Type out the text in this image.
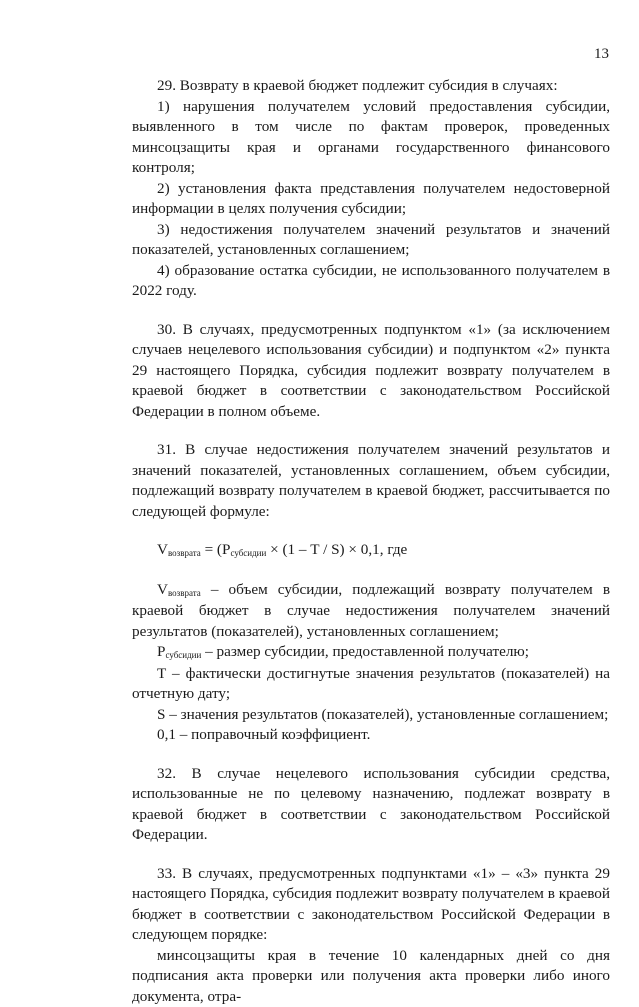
13

29. Возврату в краевой бюджет подлежит субсидия в случаях:

1) нарушения получателем условий предоставления субсидии, выявленного в том числе по фактам проверок, проведенных минсоцзащиты края и органами государственного финансового контроля;

2) установления факта представления получателем недостоверной информации в целях получения субсидии;

3) недостижения получателем значений результатов и значений показателей, установленных соглашением;

4) образование остатка субсидии, не использованного получателем в 2022 году.

30. В случаях, предусмотренных подпунктом «1» (за исключением случаев нецелевого использования субсидии) и подпунктом «2» пункта 29 настоящего Порядка, субсидия подлежит возврату получателем в краевой бюджет в соответствии с законодательством Российской Федерации в полном объеме.

31. В случае недостижения получателем значений результатов и значений показателей, установленных соглашением, объем субсидии, подлежащий возврату получателем в краевой бюджет, рассчитывается по следующей формуле:

Vвозврата = (Pсубсидии × (1 – T / S) × 0,1, где

Vвозврата – объем субсидии, подлежащий возврату получателем в краевой бюджет в случае недостижения получателем значений результатов (показателей), установленных соглашением;

Pсубсидии – размер субсидии, предоставленной получателю;

T – фактически достигнутые значения результатов (показателей) на отчетную дату;

S – значения результатов (показателей), установленные соглашением;

0,1 – поправочный коэффициент.

32. В случае нецелевого использования субсидии средства, использованные не по целевому назначению, подлежат возврату в краевой бюджет в соответствии с законодательством Российской Федерации.

33. В случаях, предусмотренных подпунктами «1» – «3» пункта 29 настоящего Порядка, субсидия подлежит возврату получателем в краевой бюджет в соответствии с законодательством Российской Федерации в следующем порядке:

минсоцзащиты края в течение 10 календарных дней со дня подписания акта проверки или получения акта проверки либо иного документа, отра-
